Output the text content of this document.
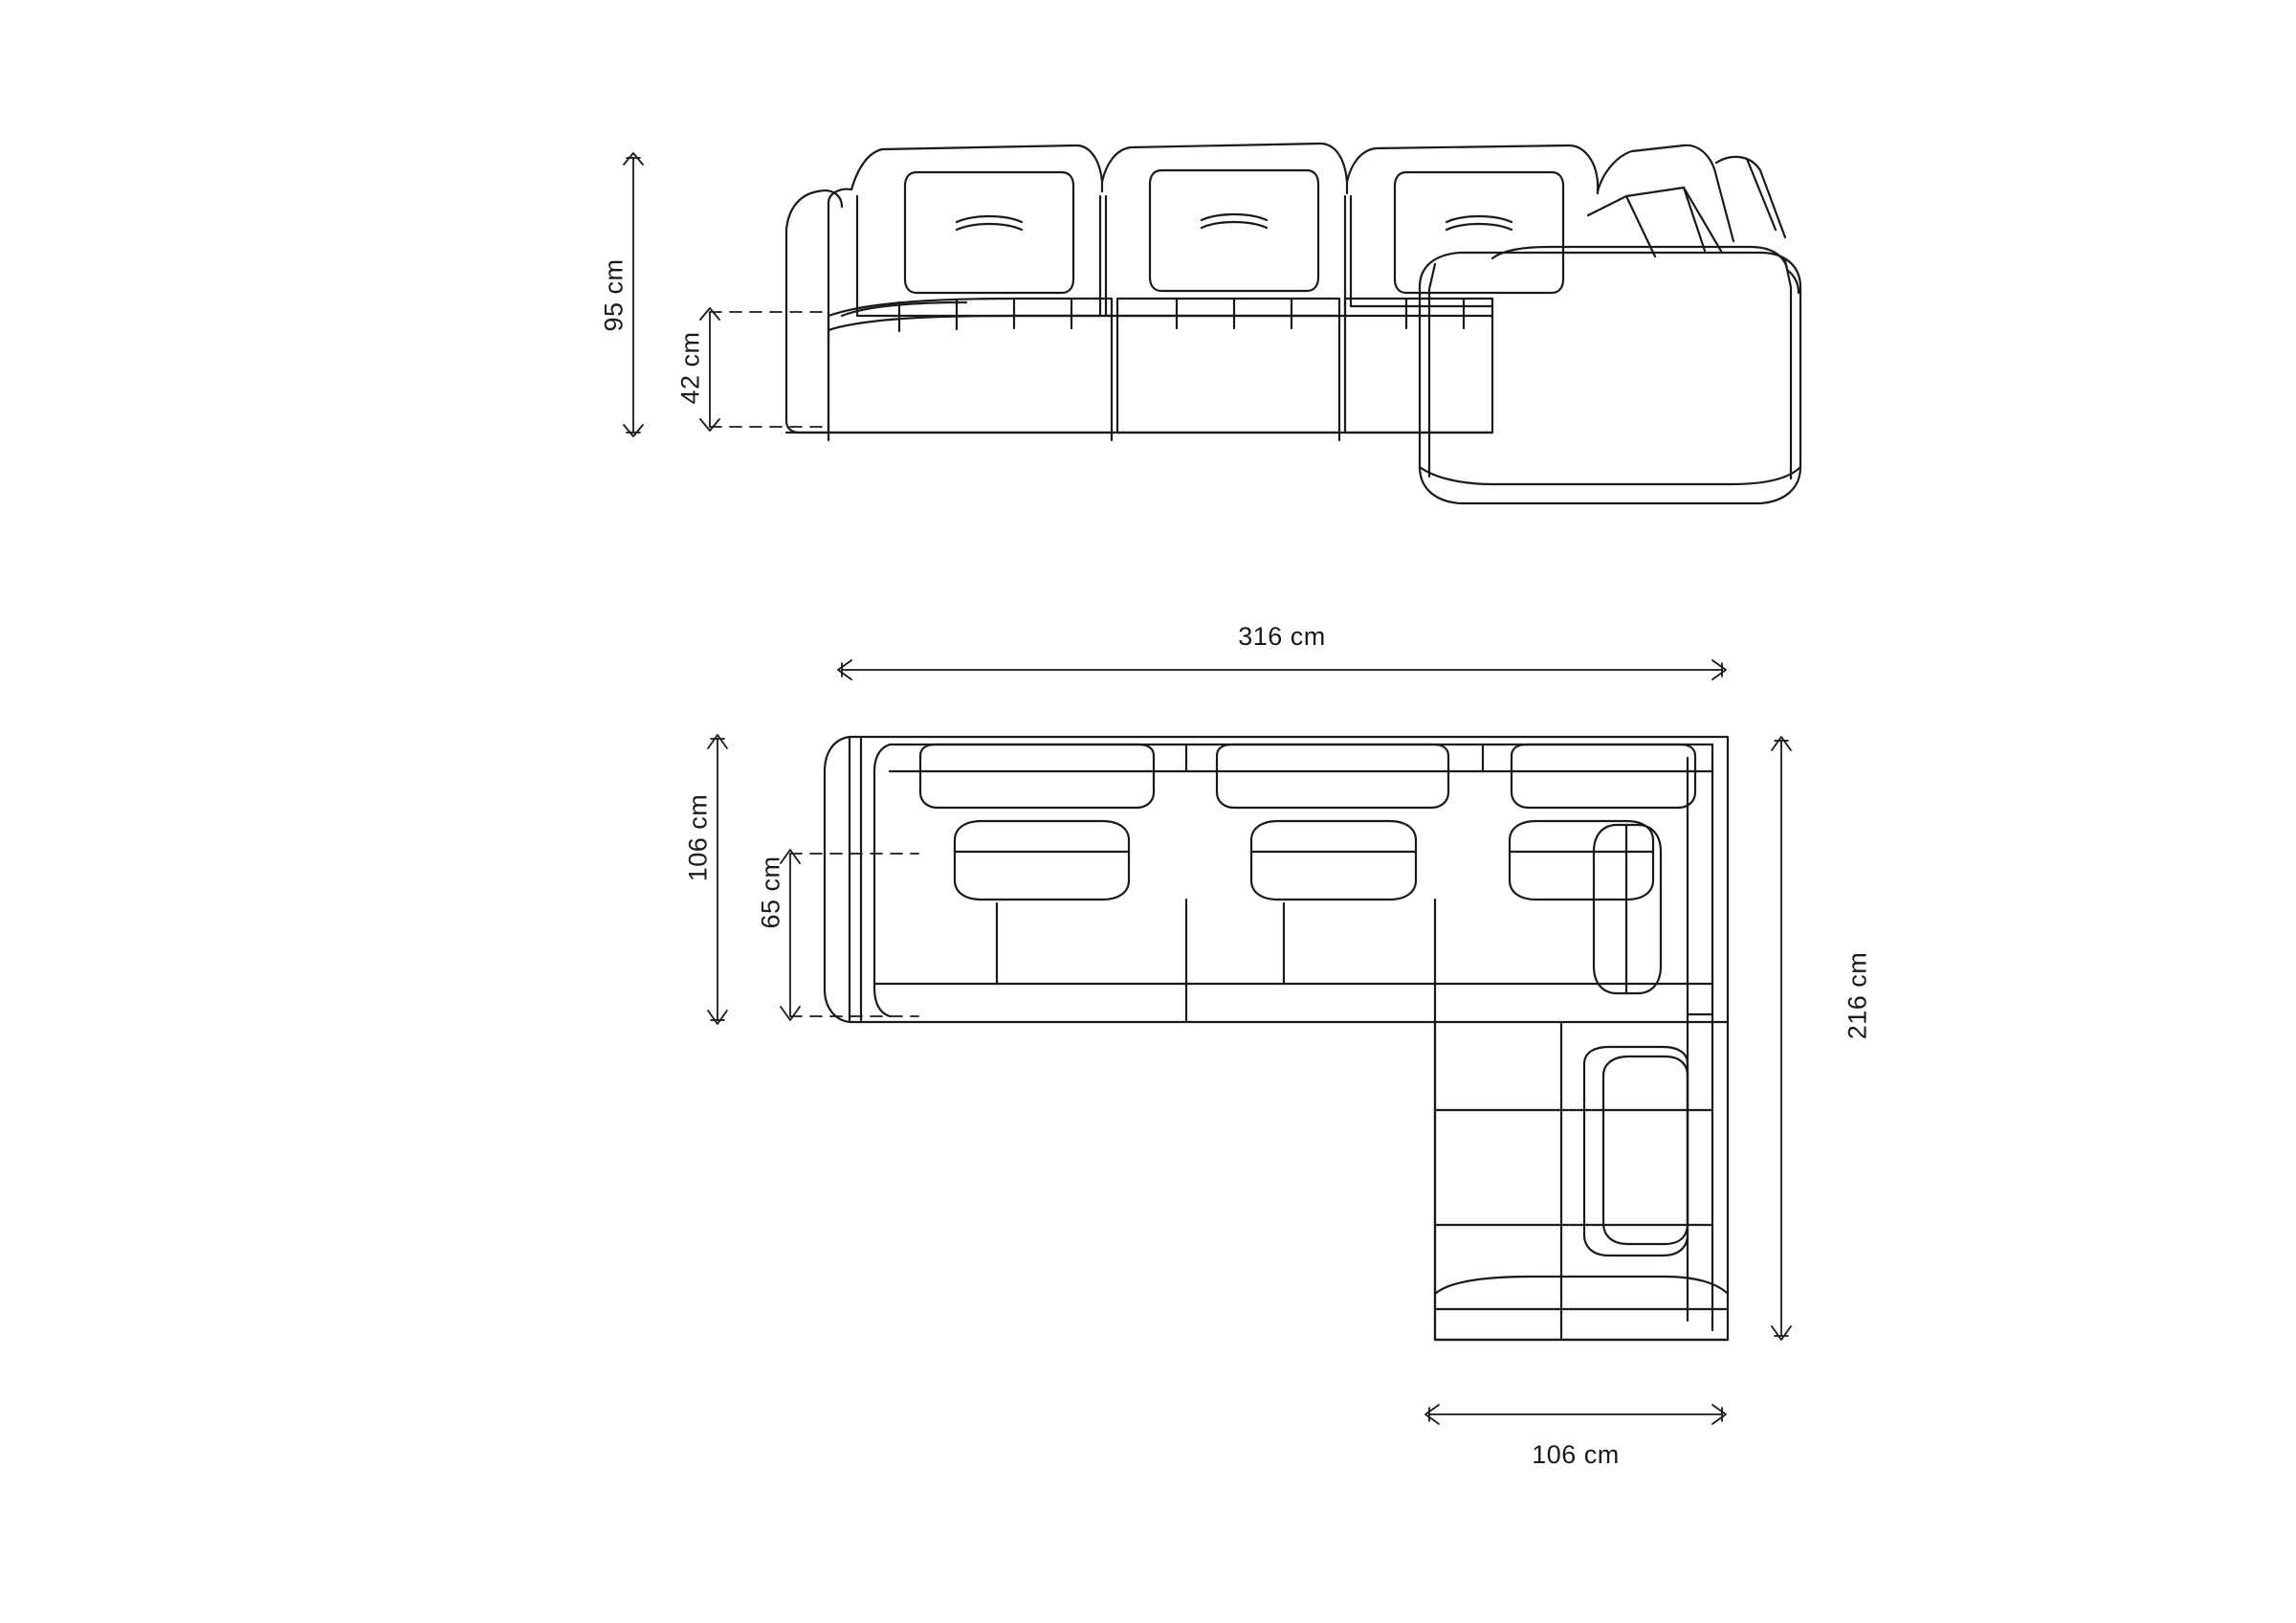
95 cm
42 cm
316 cm
106 cm
65 cm
216 cm
106 cm
